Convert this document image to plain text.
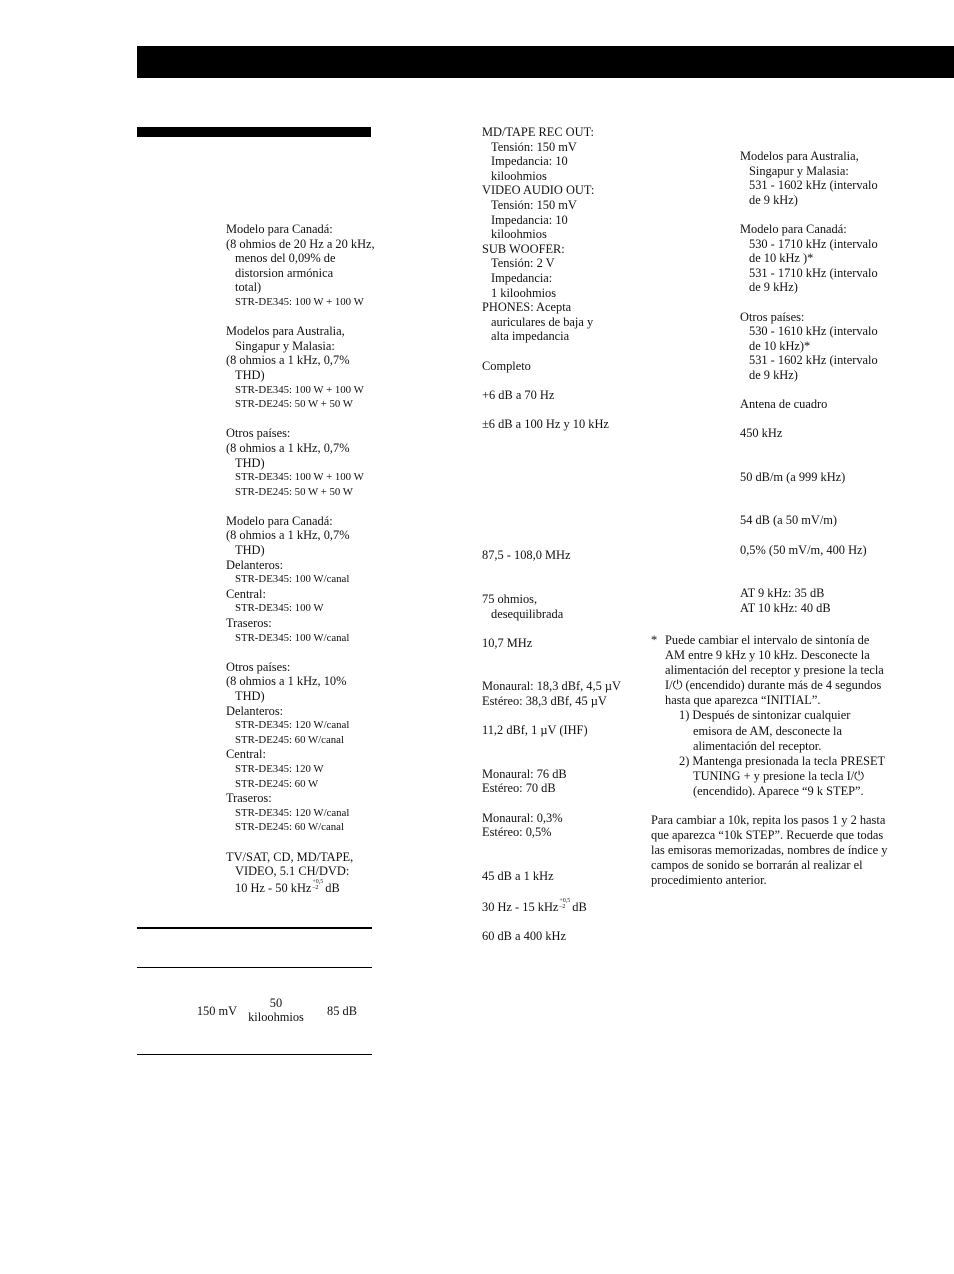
Modelo para Canadá:
(8 ohmios de 20 Hz a 20 kHz,
menos del 0,09% de
distorsion armónica
total)
STR-DE345: 100 W + 100 W
Modelos para Australia,
Singapur y Malasia:
(8 ohmios a 1 kHz, 0,7%
THD)
STR-DE345: 100 W + 100 W
STR-DE245: 50 W + 50 W
Otros países:
(8 ohmios a 1 kHz, 0,7%
THD)
STR-DE345: 100 W + 100 W
STR-DE245: 50 W + 50 W
Modelo para Canadá:
(8 ohmios a 1 kHz, 0,7%
THD)
Delanteros:
STR-DE345: 100 W/canal
Central:
STR-DE345: 100 W
Traseros:
STR-DE345: 100 W/canal
Otros países:
(8 ohmios a 1 kHz, 10%
THD)
Delanteros:
STR-DE345: 120 W/canal
STR-DE245: 60 W/canal
Central:
STR-DE345: 120 W
STR-DE245: 60 W
Traseros:
STR-DE345: 120 W/canal
STR-DE245: 60 W/canal
TV/SAT, CD, MD/TAPE,
VIDEO, 5.1 CH/DVD:
10 Hz - 50 kHz +0,5
–2 dB
150 mV
50
kiloohmios	85 dB
MD/TAPE REC OUT:
Tensión: 150 mV
Impedancia: 10
kiloohmios
VIDEO AUDIO OUT:
Tensión: 150 mV
Impedancia: 10
kiloohmios
SUB WOOFER:
Tensión: 2 V
Impedancia:
1 kiloohmios
PHONES: Acepta
auriculares de baja y
alta impedancia
Completo
+6 dB a 70 Hz
±6 dB a 100 Hz y 10 kHz
87,5 - 108,0 MHz
75 ohmios,
desequilibrada
10,7 MHz
Monaural: 18,3 dBf, 4,5 µV
Estéreo: 38,3 dBf, 45 µV
11,2 dBf, 1 µV (IHF)
Monaural: 76 dB
Estéreo: 70 dB
Monaural: 0,3%
Estéreo: 0,5%
45 dB a 1 kHz
30 Hz - 15 kHz +0,5
–2 dB
60 dB a 400 kHz
Modelos para Australia,
Singapur y Malasia:
531 - 1602 kHz (intervalo
de 9 kHz)
Modelo para Canadá:
530 - 1710 kHz (intervalo
de 10 kHz )*
531 - 1710 kHz (intervalo
de 9 kHz)
Otros países:
530 - 1610 kHz (intervalo
de 10 kHz)*
531 - 1602 kHz (intervalo
de 9 kHz)
Antena de cuadro
450 kHz
50 dB/m (a 999 kHz)
54 dB (a 50 mV/m)
0,5% (50 mV/m, 400 Hz)
AT 9 kHz: 35 dB
AT 10 kHz: 40 dB
* Puede cambiar el intervalo de sintonía de AM entre 9 kHz y 10 kHz. Desconecte la alimentación del receptor y presione la tecla I/⏻ (encendido) durante más de 4 segundos hasta que aparezca “INITIAL”.
1) Después de sintonizar cualquier emisora de AM, desconecte la alimentación del receptor.
2) Mantenga presionada la tecla PRESET TUNING + y presione la tecla I/⏻ (encendido). Aparece “9 k STEP”.
Para cambiar a 10k, repita los pasos 1 y 2 hasta que aparezca “10k STEP”. Recuerde que todas las emisoras memorizadas, nombres de índice y campos de sonido se borrarán al realizar el procedimiento anterior.
